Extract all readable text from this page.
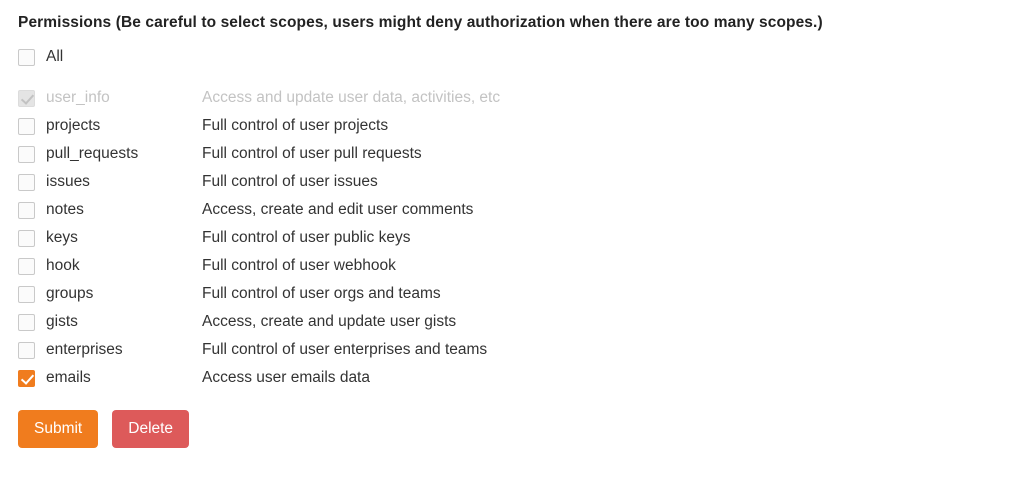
Permissions (Be careful to select scopes, users might deny authorization when there are too many scopes.)
All
user_info	Access and update user data, activities, etc
projects	Full control of user projects
pull_requests	Full control of user pull requests
issues	Full control of user issues
notes	Access, create and edit user comments
keys	Full control of user public keys
hook	Full control of user webhook
groups	Full control of user orgs and teams
gists	Access, create and update user gists
enterprises	Full control of user enterprises and teams
emails	Access user emails data
Submit	Delete
